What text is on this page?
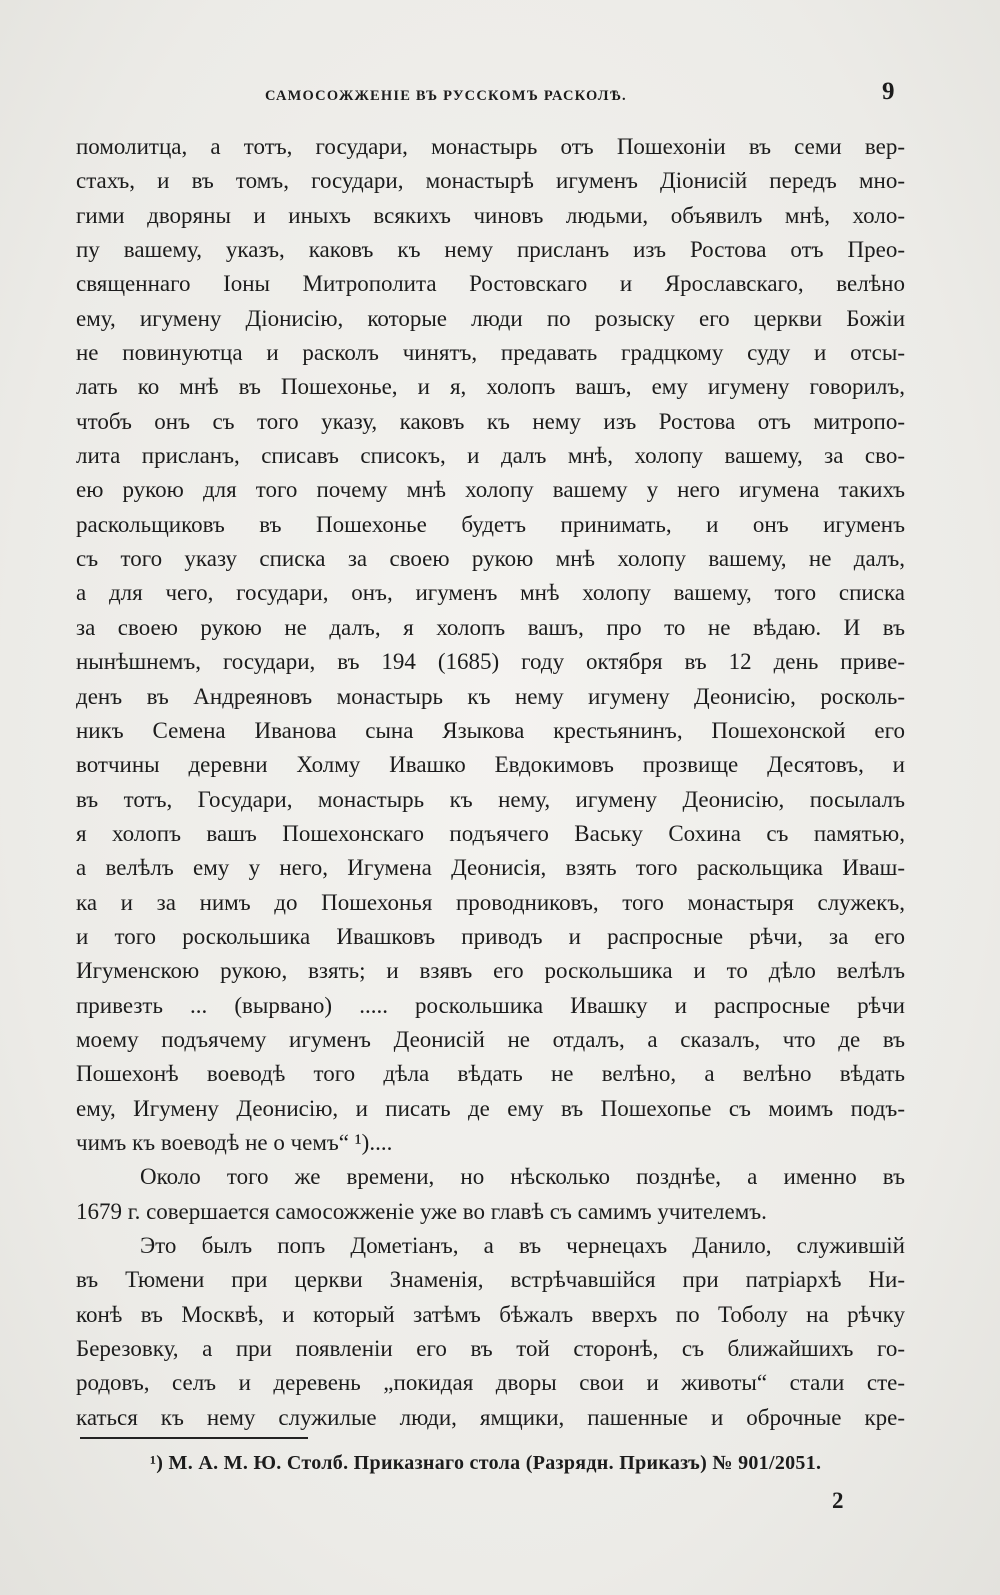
САМОСОЖЖЕНІЕ ВЪ РУССКОМЪ РАСКОЛѢ.	9
помолитца, а тотъ, государи, монастырь отъ Пошехоніи въ семи вер-
стахъ, и въ томъ, государи, монастырѣ игуменъ Діонисій передъ мно-
гими дворяны и иныхъ всякихъ чиновъ людьми, объявилъ мнѣ, холо-
пу вашему, указъ, каковъ къ нему присланъ изъ Ростова отъ Прео-
священнаго Іоны Митрополита Ростовскаго и Ярославскаго, велѣно
ему, игумену Діонисію, которые люди по розыску его церкви Божіи
не повинуютца и расколъ чинятъ, предавать градцкому суду и отсы-
лать ко мнѣ въ Пошехонье, и я, холопъ вашъ, ему игумену говорилъ,
чтобъ онъ съ того указу, каковъ къ нему изъ Ростова отъ митропо-
лита присланъ, списавъ списокъ, и далъ мнѣ, холопу вашему, за сво-
ею рукою для того почему мнѣ холопу вашему у него игумена такихъ
раскольщиковъ въ Пошехонье будетъ принимать, и онъ игуменъ
съ того указу списка за своею рукою мнѣ холопу вашему, не далъ,
а для чего, государи, онъ, игуменъ мнѣ холопу вашему, того списка
за своею рукою не далъ, я холопъ вашъ, про то не вѣдаю. И въ
нынѣшнемъ, государи, въ 194 (1685) году октября въ 12 день приве-
денъ въ Андреяновъ монастырь къ нему игумену Деонисію, росколь-
никъ Семена Иванова сына Языкова крестьянинъ, Пошехонской его
вотчины деревни Холму Ивашко Евдокимовъ прозвище Десятовъ, и
въ тотъ, Государи, монастырь къ нему, игумену Деонисію, посылалъ
я холопъ вашъ Пошехонскаго подъячего Ваську Сохина съ памятью,
а велѣлъ ему у него, Игумена Деонисія, взять того раскольщика Иваш-
ка и за нимъ до Пошехонья проводниковъ, того монастыря служекъ,
и того роскольшика Ивашковъ приводъ и распросные рѣчи, за его
Игуменскою рукою, взять; и взявъ его роскольшика и то дѣло велѣлъ
привезть ... (вырвано) ..... роскольшика Ивашку и распросные рѣчи
моему подъячему игуменъ Деонисій не отдалъ, а сказалъ, что де въ
Пошехонѣ воеводѣ того дѣла вѣдать не велѣно, а велѣно вѣдать
ему, Игумену Деонисію, и писать де ему въ Пошехопье съ моимъ подъ-
чимъ къ воеводѣ не о чемъ“ ¹)....
Около того же времени, но нѣсколько позднѣе, а именно въ
1679 г. совершается самосожженіе уже во главѣ съ самимъ учителемъ.
Это былъ попъ Дометіанъ, а въ чернецахъ Данило, служившій
въ Тюмени при церкви Знаменія, встрѣчавшійся при патріархѣ Ни-
конѣ въ Москвѣ, и который затѣмъ бѣжалъ вверхъ по Тоболу на рѣчку
Березовку, а при появленіи его въ той сторонѣ, съ ближайшихъ го-
родовъ, селъ и деревень „покидая дворы свои и животы“ стали сте-
каться къ нему служилые люди, ямщики, пашенные и оброчные кре-
¹) М. А. М. Ю. Столб. Приказнаго стола (Разрядн. Приказъ) № 901/2051.
2
